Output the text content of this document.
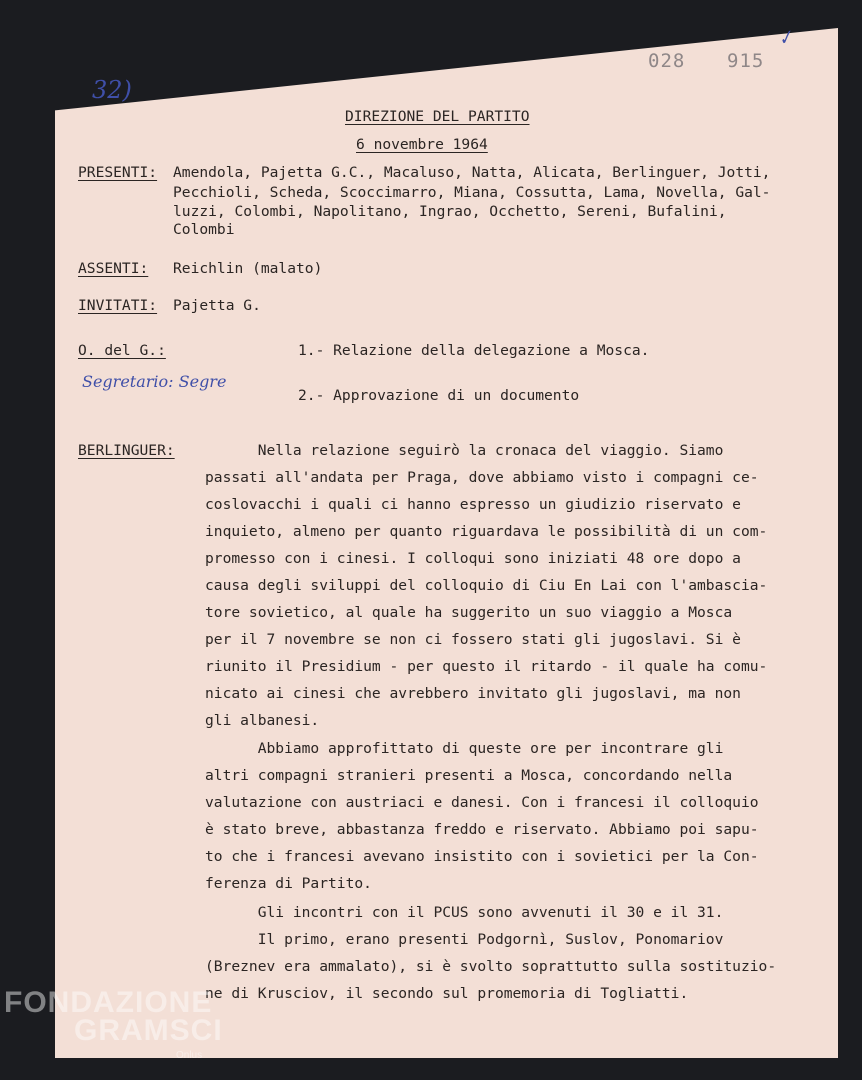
028 915
✓
32)
DIREZIONE DEL PARTITO
6 novembre 1964
PRESENTI: Amendola, Pajetta G.C., Macaluso, Natta, Alicata, Berlinguer, Jotti,
Pecchioli, Scheda, Scoccimarro, Miana, Cossutta, Lama, Novella, Gal-
luzzi, Colombi, Napolitano, Ingrao, Occhetto, Sereni, Bufalini,
Colombi
ASSENTI: Reichlin (malato)
INVITATI: Pajetta G.
O. del G.:	1.- Relazione della delegazione a Mosca.
Segretario: Segre
2.- Approvazione di un documento
BERLINGUER: Nella relazione seguirò la cronaca del viaggio. Siamo
passati all'andata per Praga, dove abbiamo visto i compagni ce-
coslovacchi i quali ci hanno espresso un giudizio riservato e
inquieto, almeno per quanto riguardava le possibilità di un com-
promesso con i cinesi. I colloqui sono iniziati 48 ore dopo a
causa degli sviluppi del colloquio di Ciu En Lai con l'ambascia-
tore sovietico, al quale ha suggerito un suo viaggio a Mosca
per il 7 novembre se non ci fossero stati gli jugoslavi. Si è
riunito il Presidium - per questo il ritardo - il quale ha comu-
nicato ai cinesi che avrebbero invitato gli jugoslavi, ma non
gli albanesi.
Abbiamo approfittato di queste ore per incontrare gli
altri compagni stranieri presenti a Mosca, concordando nella
valutazione con austriaci e danesi. Con i francesi il colloquio
è stato breve, abbastanza freddo e riservato. Abbiamo poi sapu-
to che i francesi avevano insistito con i sovietici per la Con-
ferenza di Partito.
Gli incontri con il PCUS sono avvenuti il 30 e il 31.
Il primo, erano presenti Podgornì, Suslov, Ponomariov
(Breznev era ammalato), si è svolto soprattutto sulla sostituzio-
ne di Krusciov, il secondo sul promemoria di Togliatti.
FONDAZIONE
GRAMSCI
Onlus
